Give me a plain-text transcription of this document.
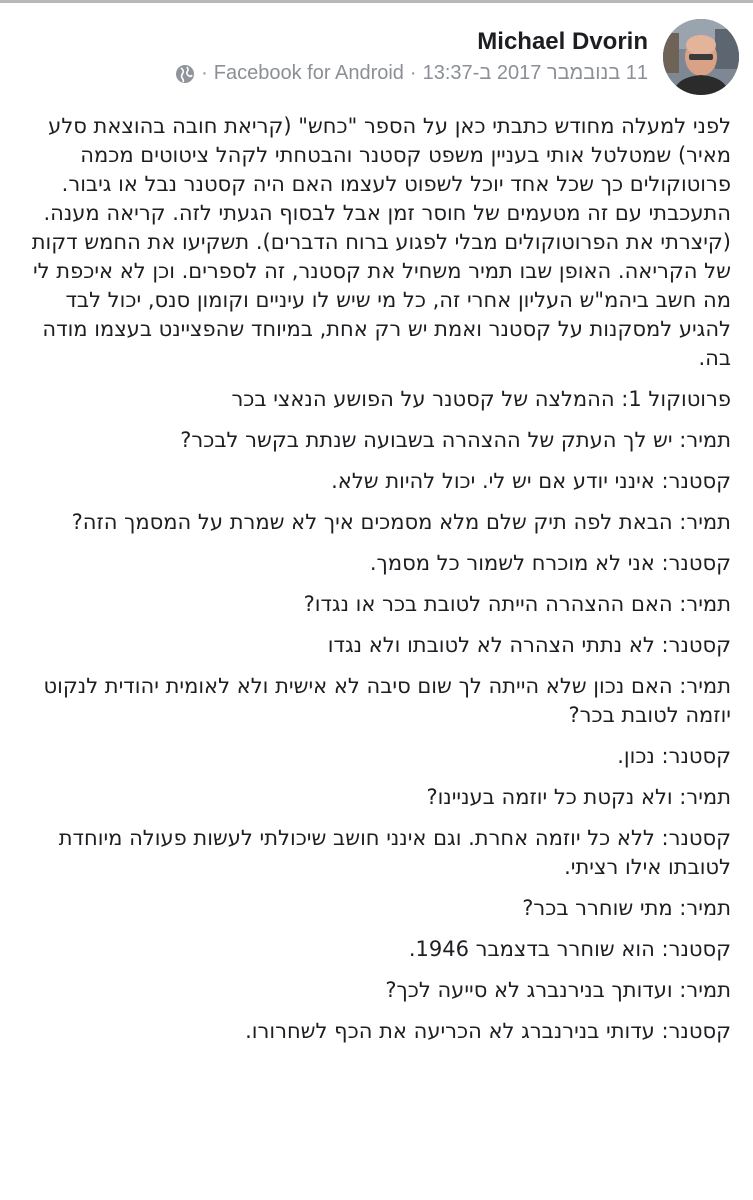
Michael Dvorin
· Facebook for Android · 11 בנובמבר 2017 ב-13:37

לפני למעלה מחודש כתבתי כאן על הספר "כחש" (קריאת חובה בהוצאת סלע מאיר) שמטלטל אותי בעניין משפט קסטנר והבטחתי לקהל ציטוטים מכמה פרוטוקולים כך שכל אחד יוכל לשפוט לעצמו האם היה קסטנר נבל או גיבור. התעכבתי עם זה מטעמים של חוסר זמן אבל לבסוף הגעתי לזה. קריאה מענה. (קיצרתי את הפרוטוקולים מבלי לפגוע ברוח הדברים). תשקיעו את החמש דקות של הקריאה. האופן שבו תמיר משחיל את קסטנר, זה לספרים. וכן לא איכפת לי מה חשב ביהמ"ש העליון אחרי זה, כל מי שיש לו עיניים וקומון סנס, יכול לבד להגיע למסקנות על קסטנר ואמת יש רק אחת, במיוחד שהפציינט בעצמו מודה בה.

פרוטוקול 1: ההמלצה של קסטנר על הפושע הנאצי בכר

תמיר: יש לך העתק של ההצהרה בשבועה שנתת בקשר לבכר?

קסטנר: אינני יודע אם יש לי. יכול להיות שלא.

תמיר: הבאת לפה תיק שלם מלא מסמכים איך לא שמרת על המסמך הזה?

קסטנר: אני לא מוכרח לשמור כל מסמך.

תמיר: האם ההצהרה הייתה לטובת בכר או נגדו?

קסטנר: לא נתתי הצהרה לא לטובתו ולא נגדו

תמיר: האם נכון שלא הייתה לך שום סיבה לא אישית ולא לאומית יהודית לנקוט יוזמה לטובת בכר?

קסטנר: נכון.

תמיר: ולא נקטת כל יוזמה בעניינו?

קסטנר: ללא כל יוזמה אחרת. וגם אינני חושב שיכולתי לעשות פעולה מיוחדת לטובתו אילו רציתי.

תמיר: מתי שוחרר בכר?

קסטנר: הוא שוחרר בדצמבר 1946.

תמיר: ועדותך בנירנברג לא סייעה לכך?

קסטנר: עדותי בנירנברג לא הכריעה את הכף לשחרורו.
